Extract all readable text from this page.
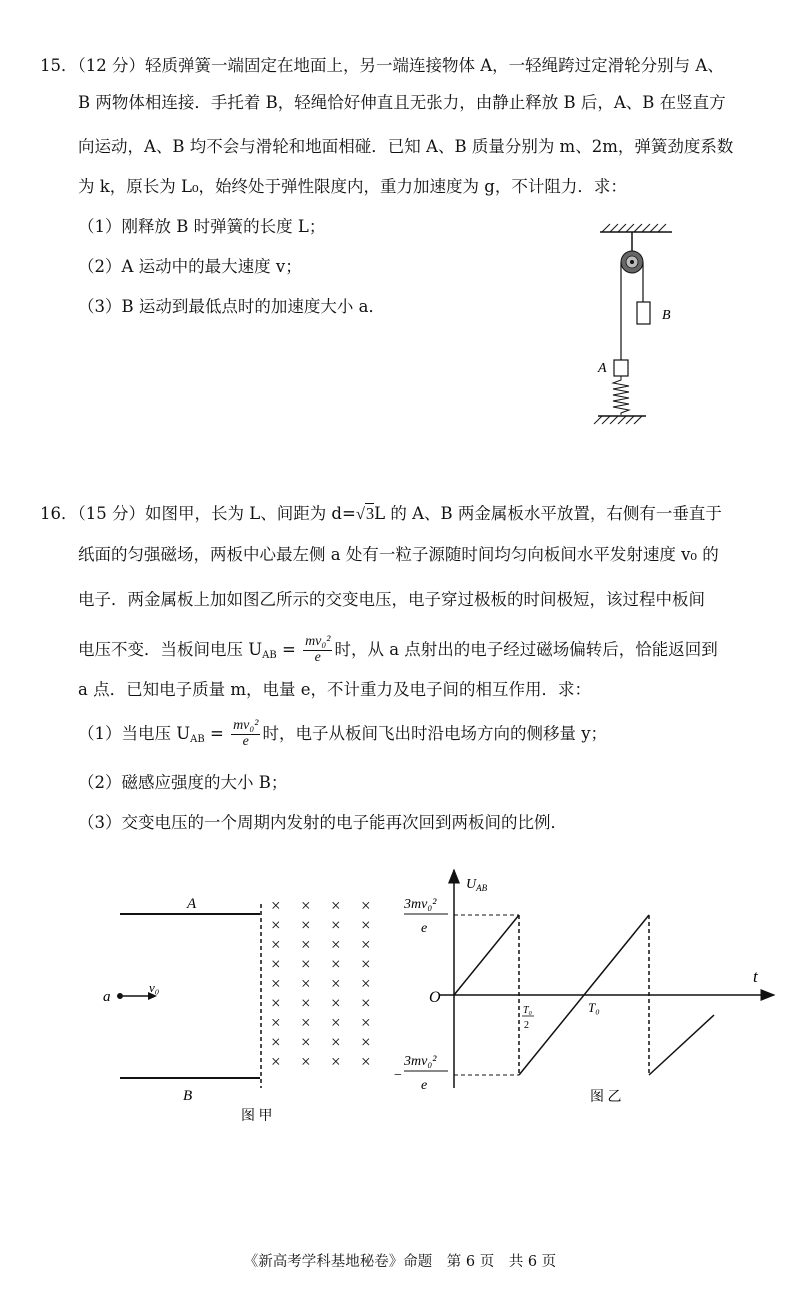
15．（12 分）轻质弹簧一端固定在地面上，另一端连接物体 A，一轻绳跨过定滑轮分别与 A、
B 两物体相连接．手托着 B，轻绳恰好伸直且无张力，由静止释放 B 后，A、B 在竖直方
向运动，A、B 均不会与滑轮和地面相碰．已知 A、B 质量分别为 m、2m，弹簧劲度系数
为 k，原长为 L₀，始终处于弹性限度内，重力加速度为 g，不计阻力．求：
（1）刚释放 B 时弹簧的长度 L；
（2）A 运动中的最大速度 v；
（3）B 运动到最低点时的加速度大小 a．	B
A
16．（15 分）如图甲，长为 L、间距为 d=√3L 的 A、B 两金属板水平放置，右侧有一垂直于
纸面的匀强磁场，两板中心最左侧 a 处有一粒子源随时间均匀向板间水平发射速度 v₀ 的
电子．两金属板上加如图乙所示的交变电压，电子穿过极板的时间极短，该过程中板间
电压不变．当板间电压 $U_{AB} = \frac{\text{mv₀²}}{e}$ 时，从 a 点射出的电子经过磁场偏转后，恰能返回到
a 点．已知电子质量 m，电量 e，不计重力及电子间的相互作用．求：
（1）当电压 $U_{AB} = \frac{\text{mv₀²}}{e}$ 时，电子从板间飞出时沿电场方向的侧移量 y；
（2）磁感应强度的大小 B；
（3）交变电压的一个周期内发射的电子能再次回到两板间的比例．
A
B
a
v₀
× × × ×
× × × ×
× × × ×
× × × ×
× × × ×
× × × ×
× × × ×
× × × ×
× × × ×
图 甲
$U_{AB}$
t
O
3mv₀²
e
−
3mv₀²
e
T₀
2
T₀
图 乙
《新高考学科基地秘卷》命题　第 6 页　共 6 页
